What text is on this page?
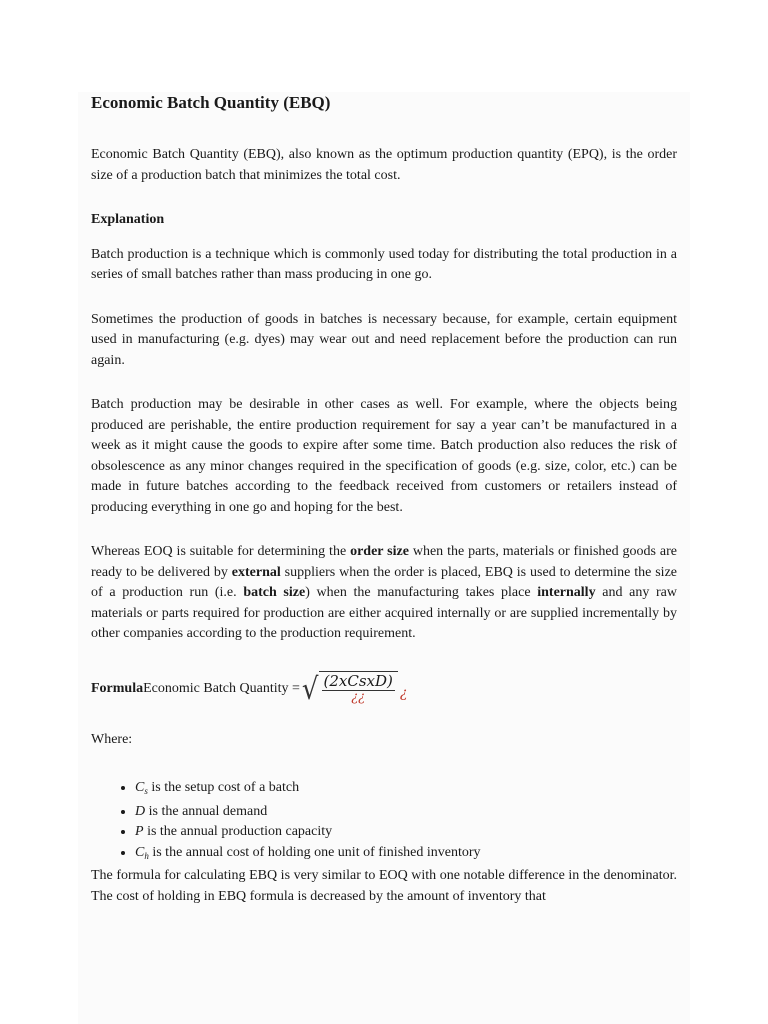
Economic Batch Quantity (EBQ)

Economic Batch Quantity (EBQ), also known as the optimum production quantity (EPQ), is the order size of a production batch that minimizes the total cost.

Explanation

Batch production is a technique which is commonly used today for distributing the total production in a series of small batches rather than mass producing in one go.

Sometimes the production of goods in batches is necessary because, for example, certain equipment used in manufacturing (e.g. dyes) may wear out and need replacement before the production can run again.

Batch production may be desirable in other cases as well. For example, where the objects being produced are perishable, the entire production requirement for say a year can’t be manufactured in a week as it might cause the goods to expire after some time. Batch production also reduces the risk of obsolescence as any minor changes required in the specification of goods (e.g. size, color, etc.) can be made in future batches according to the feedback received from customers or retailers instead of producing everything in one go and hoping for the best.

Whereas EOQ is suitable for determining the order size when the parts, materials or finished goods are ready to be delivered by external suppliers when the order is placed, EBQ is used to determine the size of a production run (i.e. batch size) when the manufacturing takes place internally and any raw materials or parts required for production are either acquired internally or are supplied incrementally by other companies according to the production requirement.

Formula Economic Batch Quantity = √ $\frac{\text{(2xCsxD)}}{¿¿}$ ¿

Where:

• $C_s$ is the setup cost of a batch
• D is the annual demand
• P is the annual production capacity
• $C_h$ is the annual cost of holding one unit of finished inventory

The formula for calculating EBQ is very similar to EOQ with one notable difference in the denominator. The cost of holding in EBQ formula is decreased by the amount of inventory that
